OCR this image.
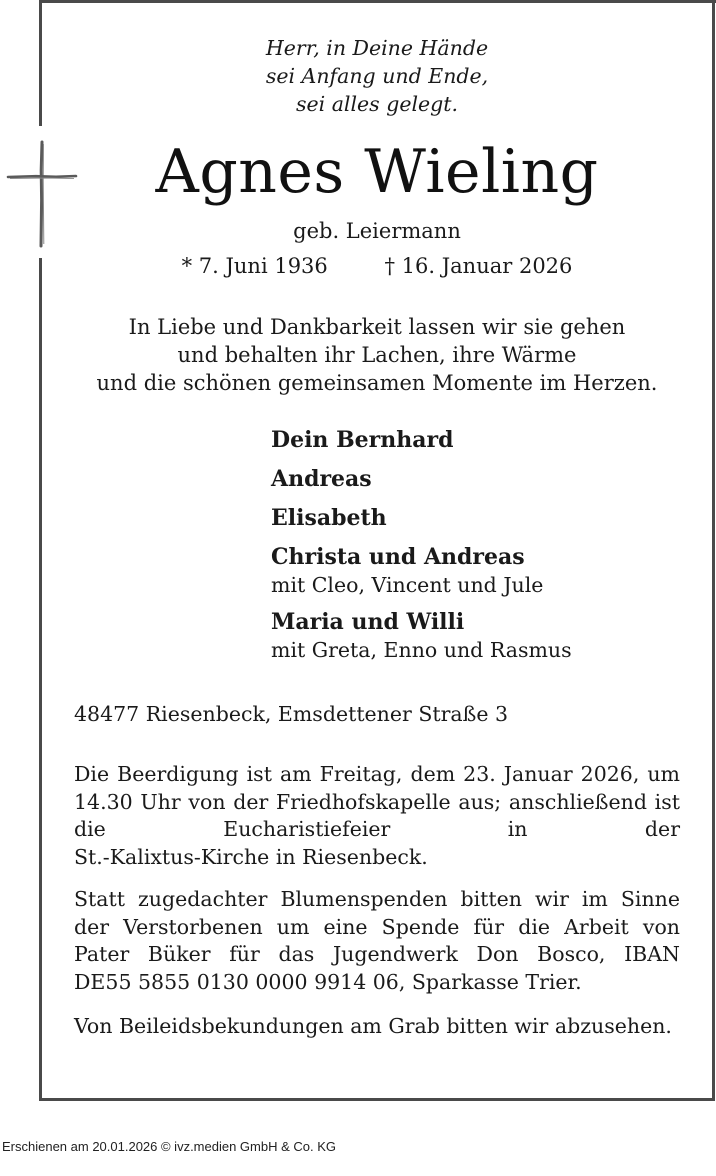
Herr, in Deine Hände
sei Anfang und Ende,
sei alles gelegt.
Agnes Wieling
geb. Leiermann
* 7. Juni 1936	† 16. Januar 2026
In Liebe und Dankbarkeit lassen wir sie gehen
und behalten ihr Lachen, ihre Wärme
und die schönen gemeinsamen Momente im Herzen.
Dein Bernhard
Andreas
Elisabeth
Christa und Andreas
mit Cleo, Vincent und Jule
Maria und Willi
mit Greta, Enno und Rasmus
48477 Riesenbeck, Emsdettener Straße 3
Die Beerdigung ist am Freitag, dem 23. Januar 2026, um 14.30 Uhr von der Friedhofskapelle aus; anschließend ist die Eucharistiefeier in der St.-Kalixtus-Kirche in Riesenbeck.
Statt zugedachter Blumenspenden bitten wir im Sinne der Verstorbenen um eine Spende für die Arbeit von Pater Büker für das Jugendwerk Don Bosco, IBAN DE55 5855 0130 0000 9914 06, Sparkasse Trier.
Von Beileidsbekundungen am Grab bitten wir abzusehen.
Erschienen am 20.01.2026 © ivz.medien GmbH & Co. KG
